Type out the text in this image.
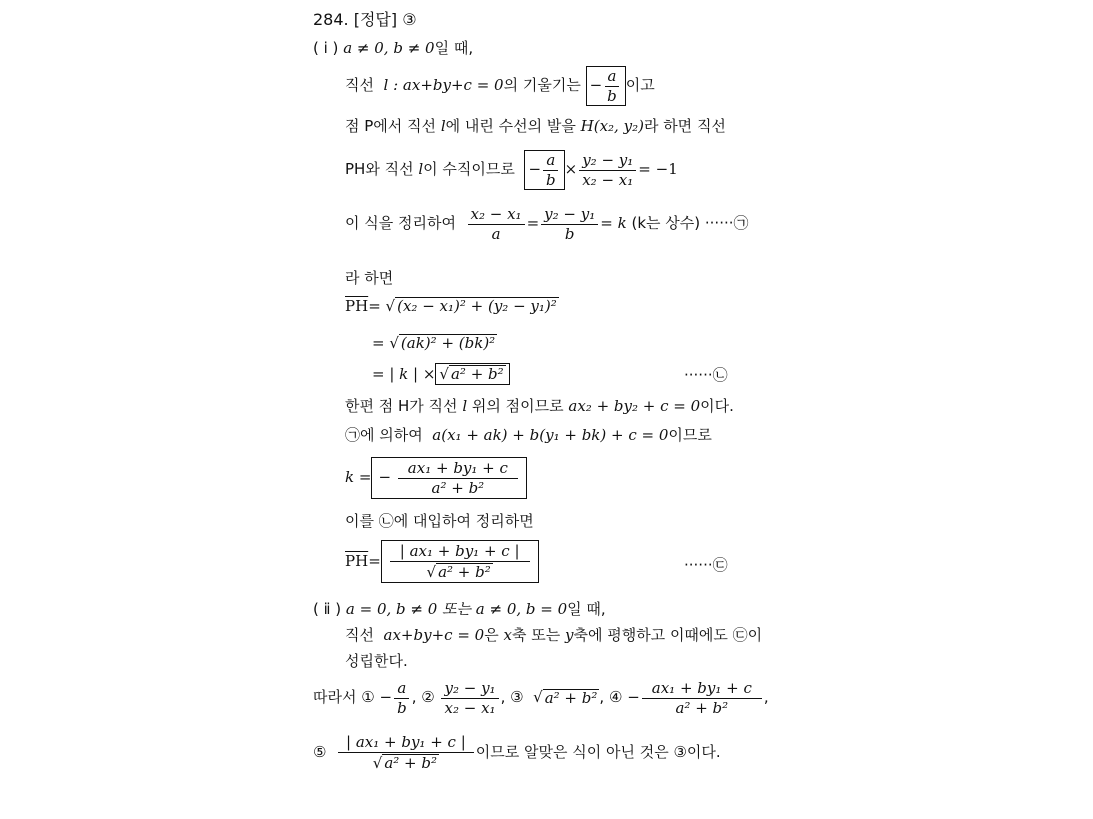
284. [정답] ③
( ⅰ ) a ≠ 0, b ≠ 0일 때,
직선
l : ax+by+c = 0 의 기울기는
− $\frac{a}{b}$ 이고
점 P에서 직선 l에 내린 수선의 발을 H(x₂, y₂)라 하면 직선
PH와 직선
l 이 수직이므로
− $\frac{a}{b} \times \frac{\text{y₂ − y₁}}{\text{x₂ − x₁}} = -1$
이 식을 정리하여
$\frac{\text{x₂ − x₁}}{a} = \frac{\text{y₂ − y₁}}{b} = k$
(k는 상수)
······㉠
라 하면
$\overline{PH}$ =
√ (x₂ − x₁)² + (y₂ − y₁)²
=
√ (ak)² + (bk)²
= | k | × √ a² + b²	······㉡
한편 점 H가 직선 l 위의 점이므로 ax₂ + by₂ + c = 0이다.
㉠에 의하여 a(x₁ + ak) + b(y₁ + bk) + c = 0이므로
k = −
$\frac{\text{ax₁ + by₁ + c}}{\text{a² + b²}}$
이를 ㉡에 대입하여 정리하면
$\overline{PH} = \frac{\text{| ax₁ + by₁ + c |}}{\text{√ a² + b²}}$	······㉢
( ⅱ ) a = 0, b ≠ 0 또는 a ≠ 0, b = 0일 때,
직선 ax+by+c = 0은 x축 또는 y축에 평행하고 이때에도 ㉢이
성립한다.
따라서
①
− $\frac{a}{b}$ ,
②
$\frac{\text{y₂ − y₁}}{\text{x₂ − x₁}}$ ,
③
√ a² + b² ,
④
− $\frac{\text{ax₁ + by₁ + c}}{\text{a² + b²}}$ ,
⑤
$\frac{\text{| ax₁ + by₁ + c |}}{\text{√ a² + b²}}$ 이므로 알맞은 식이 아닌 것은 ③이다.
